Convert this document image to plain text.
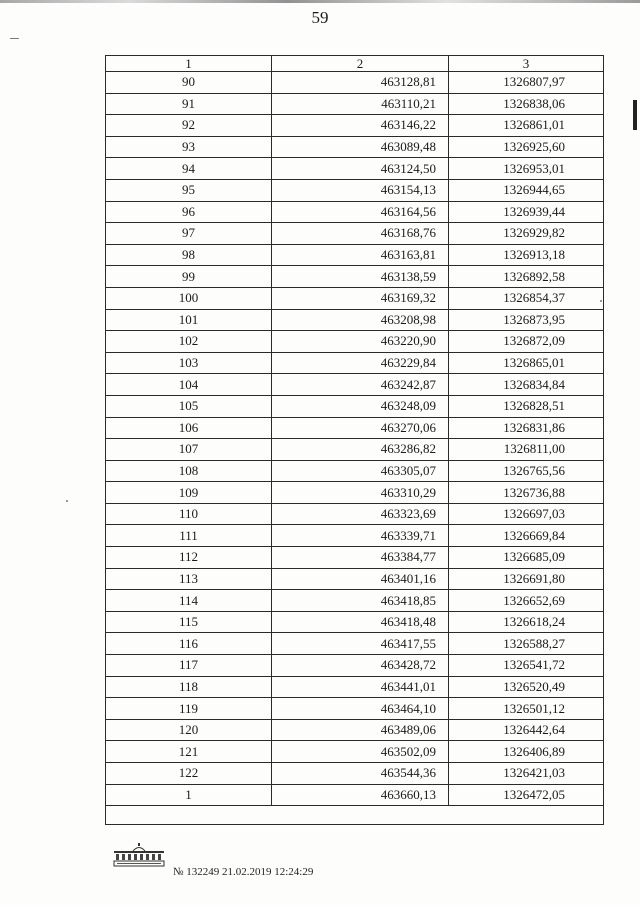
59
1	2	3
90	463128,81	1326807,97
91	463110,21	1326838,06
92	463146,22	1326861,01
93	463089,48	1326925,60
94	463124,50	1326953,01
95	463154,13	1326944,65
96	463164,56	1326939,44
97	463168,76	1326929,82
98	463163,81	1326913,18
99	463138,59	1326892,58
100	463169,32	1326854,37
101	463208,98	1326873,95
102	463220,90	1326872,09
103	463229,84	1326865,01
104	463242,87	1326834,84
105	463248,09	1326828,51
106	463270,06	1326831,86
107	463286,82	1326811,00
108	463305,07	1326765,56
109	463310,29	1326736,88
110	463323,69	1326697,03
111	463339,71	1326669,84
112	463384,77	1326685,09
113	463401,16	1326691,80
114	463418,85	1326652,69
115	463418,48	1326618,24
116	463417,55	1326588,27
117	463428,72	1326541,72
118	463441,01	1326520,49
119	463464,10	1326501,12
120	463489,06	1326442,64
121	463502,09	1326406,89
122	463544,36	1326421,03
1	463660,13	1326472,05

№ 132249 21.02.2019 12:24:29
